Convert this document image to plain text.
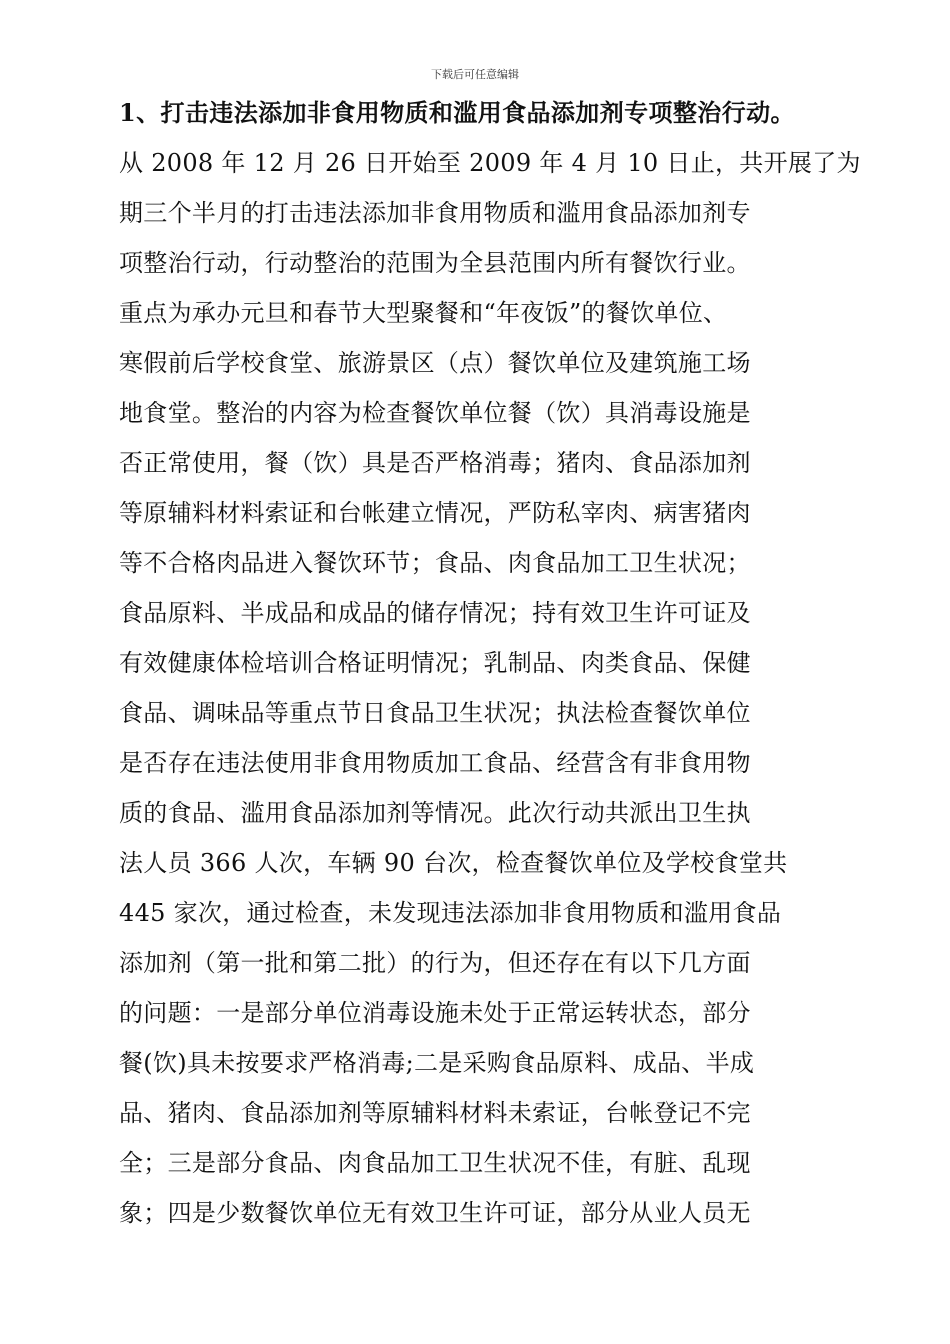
下载后可任意编辑
1、打击违法添加非食用物质和滥用食品添加剂专项整治行动。
从 2008 年 12 月 26 日开始至 2009 年 4 月 10 日止，共开展了为
期三个半月的打击违法添加非食用物质和滥用食品添加剂专
项整治行动，行动整治的范围为全县范围内所有餐饮行业。
重点为承办元旦和春节大型聚餐和“年夜饭”的餐饮单位、
寒假前后学校食堂、旅游景区（点）餐饮单位及建筑施工场
地食堂。整治的内容为检查餐饮单位餐（饮）具消毒设施是
否正常使用，餐（饮）具是否严格消毒；猪肉、食品添加剂
等原辅料材料索证和台帐建立情况，严防私宰肉、病害猪肉
等不合格肉品进入餐饮环节；食品、肉食品加工卫生状况；
食品原料、半成品和成品的储存情况；持有效卫生许可证及
有效健康体检培训合格证明情况；乳制品、肉类食品、保健
食品、调味品等重点节日食品卫生状况；执法检查餐饮单位
是否存在违法使用非食用物质加工食品、经营含有非食用物
质的食品、滥用食品添加剂等情况。此次行动共派出卫生执
法人员 366 人次，车辆 90 台次，检查餐饮单位及学校食堂共
445 家次，通过检查，未发现违法添加非食用物质和滥用食品
添加剂（第一批和第二批）的行为，但还存在有以下几方面
的问题：一是部分单位消毒设施未处于正常运转状态，部分
餐(饮)具未按要求严格消毒;二是采购食品原料、成品、半成
品、猪肉、食品添加剂等原辅料材料未索证，台帐登记不完
全；三是部分食品、肉食品加工卫生状况不佳，有脏、乱现
象；四是少数餐饮单位无有效卫生许可证，部分从业人员无
